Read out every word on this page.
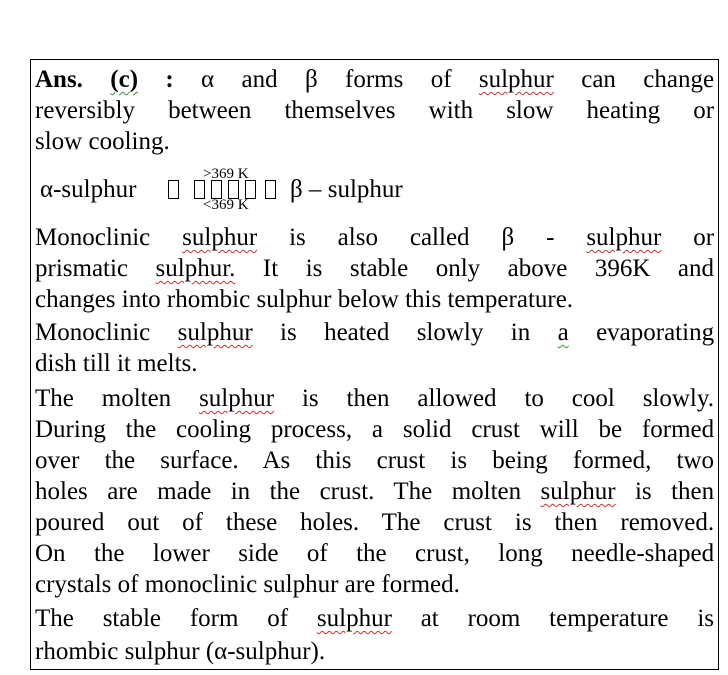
Ans. (c) : α and β forms of sulphur can change
reversibly between themselves with slow heating or
slow cooling.
α-sulphur
>369 K
<369 K
β – sulphur
Monoclinic sulphur is also called β - sulphur or
prismatic sulphur. It is stable only above 396K and
changes into rhombic sulphur below this temperature.
Monoclinic sulphur is heated slowly in a evaporating
dish till it melts.
The molten sulphur is then allowed to cool slowly.
During the cooling process, a solid crust will be formed
over the surface. As this crust is being formed, two
holes are made in the crust. The molten sulphur is then
poured out of these holes. The crust is then removed.
On the lower side of the crust, long needle-shaped
crystals of monoclinic sulphur are formed.
The stable form of sulphur at room temperature is
rhombic sulphur (α-sulphur).
